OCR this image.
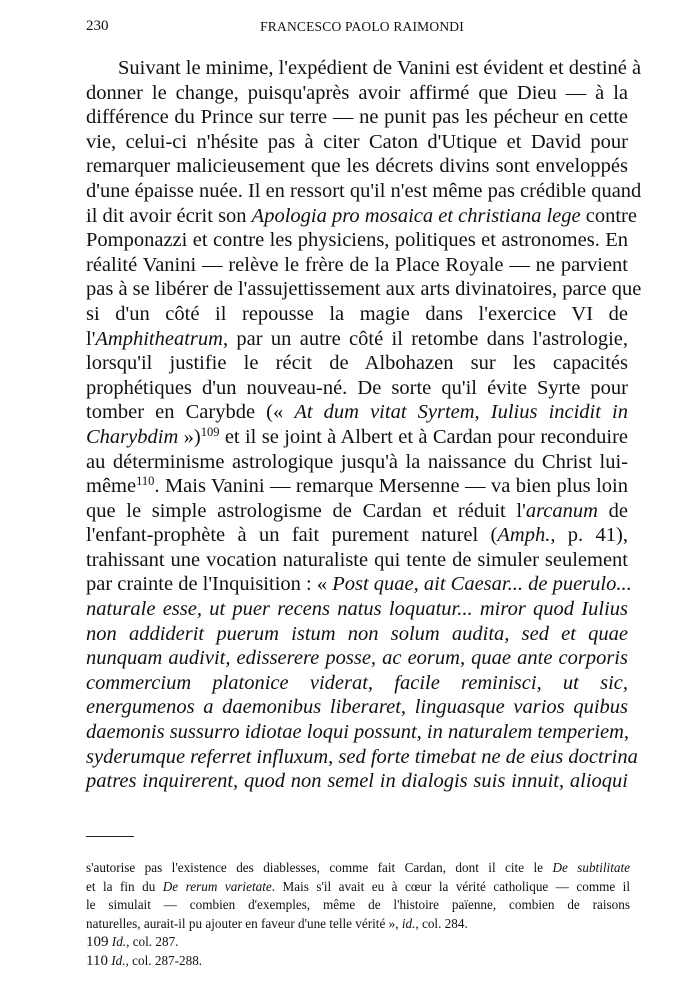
230	FRANCESCO PAOLO RAIMONDI
Suivant le minime, l'expédient de Vanini est évident et destiné à
donner le change, puisqu'après avoir affirmé que Dieu — à la
différence du Prince sur terre — ne punit pas les pécheur en cette
vie, celui-ci n'hésite pas à citer Caton d'Utique et David pour
remarquer malicieusement que les décrets divins sont enveloppés
d'une épaisse nuée. Il en ressort qu'il n'est même pas crédible quand
il dit avoir écrit son Apologia pro mosaica et christiana lege contre
Pomponazzi et contre les physiciens, politiques et astronomes. En
réalité Vanini — relève le frère de la Place Royale — ne parvient
pas à se libérer de l'assujettissement aux arts divinatoires, parce que
si d'un côté il repousse la magie dans l'exercice VI de
l'Amphitheatrum, par un autre côté il retombe dans l'astrologie,
lorsqu'il justifie le récit de Albohazen sur les capacités
prophétiques d'un nouveau-né. De sorte qu'il évite Syrte pour
tomber en Carybde (« At dum vitat Syrtem, Iulius incidit in
Charybdim »)$^{109}$ et il se joint à Albert et à Cardan pour reconduire
au déterminisme astrologique jusqu'à la naissance du Christ lui-
même$^{110}$. Mais Vanini — remarque Mersenne — va bien plus loin
que le simple astrologisme de Cardan et réduit l'arcanum de
l'enfant-prophète à un fait purement naturel (Amph., p. 41),
trahissant une vocation naturaliste qui tente de simuler seulement
par crainte de l'Inquisition : « Post quae, ait Caesar... de puerulo...
naturale esse, ut puer recens natus loquatur... miror quod Iulius
non addiderit puerum istum non solum audita, sed et quae
nunquam audivit, edisserere posse, ac eorum, quae ante corporis
commercium platonice viderat, facile reminisci, ut sic,
energumenos a daemonibus liberaret, linguasque varios quibus
daemonis sussurro idiotae loqui possunt, in naturalem temperiem,
syderumque referret influxum, sed forte timebat ne de eius doctrina
patres inquirerent, quod non semel in dialogis suis innuit, alioqui
s'autorise pas l'existence des diablesses, comme fait Cardan, dont il cite le De subtilitate
et la fin du De rerum varietate. Mais s'il avait eu à cœur la vérité catholique — comme il
le simulait — combien d'exemples, même de l'histoire païenne, combien de raisons
naturelles, aurait-il pu ajouter en faveur d'une telle vérité », id., col. 284.
109 Id., col. 287.
110 Id., col. 287-288.
